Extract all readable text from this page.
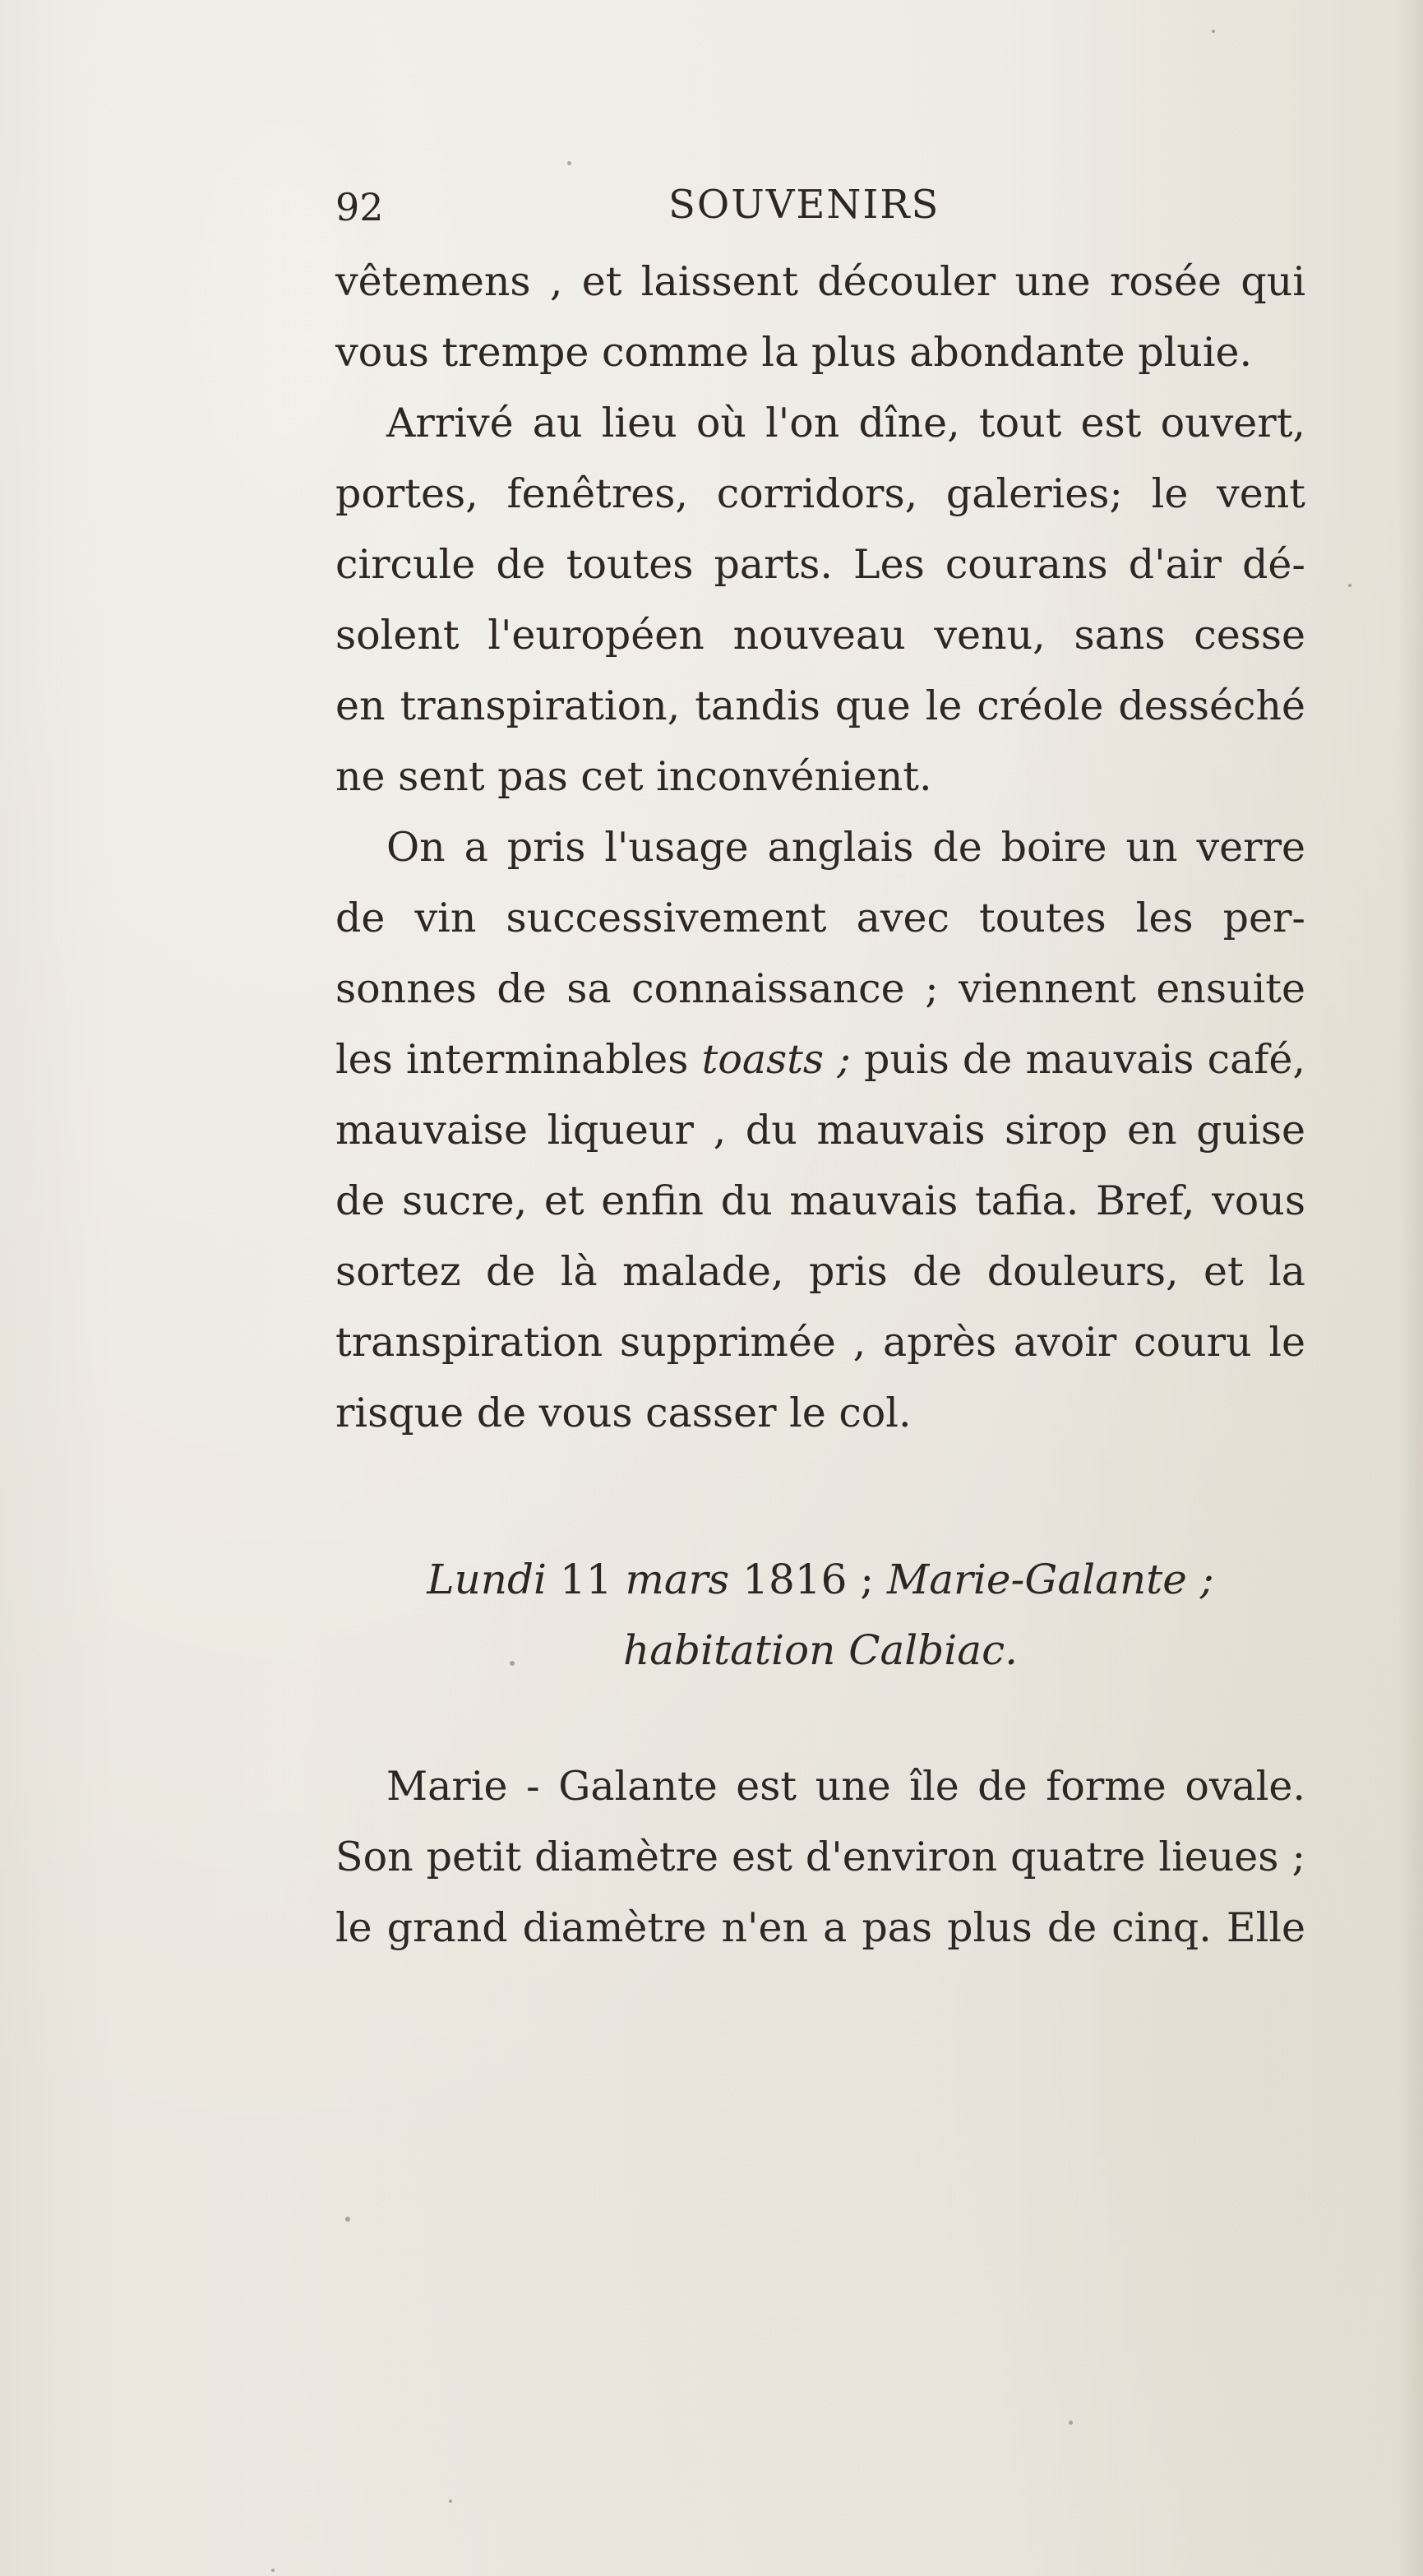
92	SOUVENIRS
vêtemens , et laissent découler une rosée qui
vous trempe comme la plus abondante pluie.
Arrivé au lieu où l'on dîne, tout est ouvert,
portes, fenêtres, corridors, galeries; le vent
circule de toutes parts. Les courans d'air dé-
solent l'européen nouveau venu, sans cesse
en transpiration, tandis que le créole desséché
ne sent pas cet inconvénient.
On a pris l'usage anglais de boire un verre
de vin successivement avec toutes les per-
sonnes de sa connaissance ; viennent ensuite
les interminables toasts ; puis de mauvais café,
mauvaise liqueur , du mauvais sirop en guise
de sucre, et enfin du mauvais tafia. Bref, vous
sortez de là malade, pris de douleurs, et la
transpiration supprimée , après avoir couru le
risque de vous casser le col.
Lundi 11 mars 1816 ; Marie-Galante ;
habitation Calbiac.
Marie - Galante est une île de forme ovale.
Son petit diamètre est d'environ quatre lieues ;
le grand diamètre n'en a pas plus de cinq. Elle
